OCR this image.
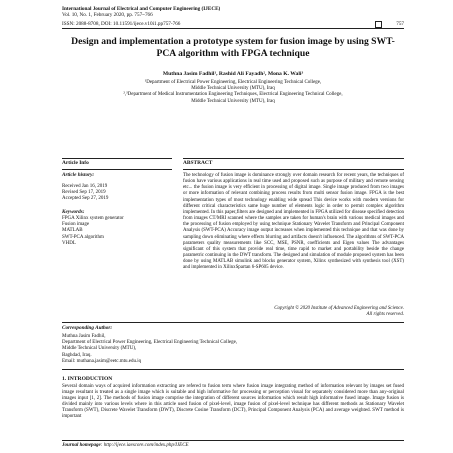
International Journal of Electrical and Computer Engineering (IJECE)
Vol. 10, No. 1, February 2020, pp. 757~766
ISSN: 2088-8708, DOI: 10.11591/ijece.v10i1.pp757-766	757
Design and implementation a prototype system for fusion image by using SWT-PCA algorithm with FPGA technique
Muthna Jasim Fadhil¹, Rashid Ali Fayadh², Mona K. Wali³
¹Department of Electrical Power Engineering, Electrical Engineering Technical College,
Middle Technical University (MTU), Iraq
²,³Department of Medical Instrumentation Engineering Techniques, Electrical Engineering Technical College,
Middle Technical University (MTU), Iraq
Article Info	ABSTRACT
Article history:
Received Jan 16, 2019
Revised Sep 17, 2019
Accepted Sep 27, 2019
Keywords:
FPGA Xilinx system generator
Fusion image
MATLAB
SWT-PCA algorithm
VHDL
The technology of fusion image is dominance strongly over domain research for recent years, the techniques of fusion have various applications in real time used and proposed such as purpose of military and remote sensing etc... the fusion image is very efficient in processing of digital image. Single image produced from two images or more information of relevant combining process results from multi sensor fusion image. FPGA is the best implementation types of most technology enabling wide spread This device works with modern versions for different critical characteristics same huge number of elements logic in order to permit complex algorithm implemented. In this paper,filters are designed and implemented in FPGA utilized for disease specified detection from images CT/MRI scanned where the samples are taken for human's brain with various medical images and the processing of fusion employed by using technique Stationary Wavelet Transform and Principal Component Analysis (SWT-PCA) Accuracy image output increases when implemented this technique and that was done by sampling down eliminating where effects blurring and artifacts doesn't influenced. The algorithms of SWT-PCA parameters quality measurements like SCC, MSE, PSNR, coefficients and Eigen values The advantages significant of this system that provide real time, time rapid to market and portability beside the change parametric continuing in the DWT transform. The designed and simulation of module proposed system has been done by using MATLAB simulink and blocks generator system, Xilinx synthesized with synthesis tool (XST) and implemented in XilinxSpartan 6-SP605 device.
Copyright © 2020 Institute of Advanced Engineering and Science.
All rights reserved.
Corresponding Author:
Muthna Jasim Fadhil,
Department of Electrical Power Engineering, Electrical Engineering Technical College,
Middle Technical University (MTU),
Baghdad, Iraq.
Email: muthana.jasim@eetc.mtu.edu.iq
1. INTRODUCTION
Several domain ways of acquired information extracting are refered to fusion term where fusion image integrating method of information relevant by images set fused image resultant is treated as a single image which is suitable and high informative for processing or perception visual for separately considered more than any-original images input [1, 2]. The methods of fusion image comprise the integration of different sources information which result high informative fused image. Image fusion is divided mainly into various levels where in this article used fusion of pixel-level, image fusion of pixel-level technique has different methods as Stationary Wavelet Transform (SWT), Discrete Wavelet Transform (DWT), Discrete Cosine Transform (DCT), Principal Component Analysis (PCA) and average weighted. SWT method is important
Journal homepage: http://ijece.iaescore.com/index.php/IJECE
